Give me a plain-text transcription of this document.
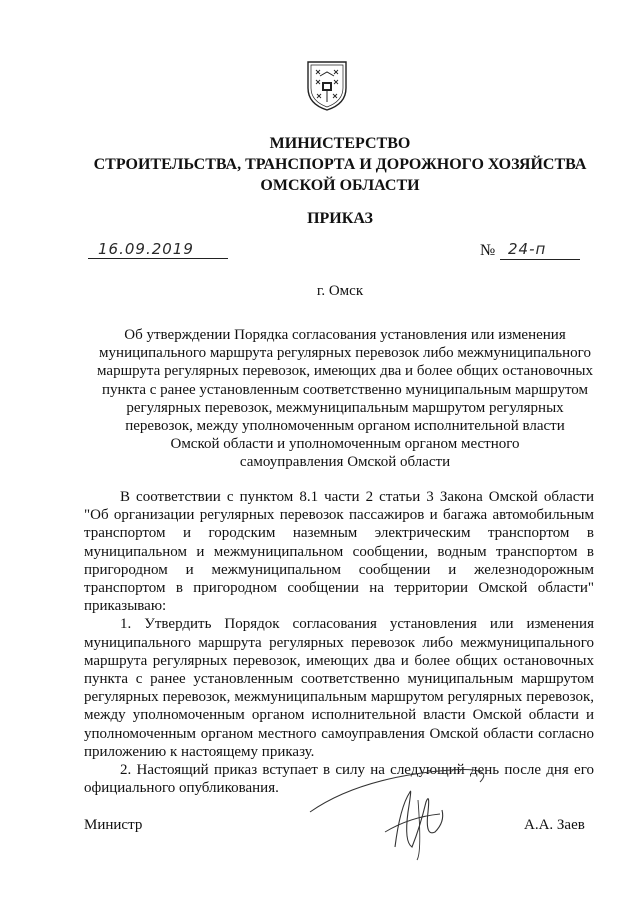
МИНИСТЕРСТВО
СТРОИТЕЛЬСТВА, ТРАНСПОРТА И ДОРОЖНОГО ХОЗЯЙСТВА
ОМСКОЙ ОБЛАСТИ
ПРИКАЗ
16.09.2019	№ 24-п
г. Омск
Об утверждении Порядка согласования установления или изменения
муниципального маршрута регулярных перевозок либо межмуниципального
маршрута регулярных перевозок, имеющих два и более общих остановочных
пункта с ранее установленным соответственно муниципальным маршрутом
регулярных перевозок, межмуниципальным маршрутом регулярных
перевозок, между уполномоченным органом исполнительной власти
Омской области и уполномоченным органом местного
самоуправления Омской области

В соответствии с пунктом 8.1 части 2 статьи 3 Закона Омской области "Об организации регулярных перевозок пассажиров и багажа автомобильным транспортом и городским наземным электрическим транспортом в муниципальном и межмуниципальном сообщении, водным транспортом в пригородном и межмуниципальном сообщении и железнодорожным транспортом в пригородном сообщении на территории Омской области" приказываю:

1. Утвердить Порядок согласования установления или изменения муниципального маршрута регулярных перевозок либо межмуниципального маршрута регулярных перевозок, имеющих два и более общих остановочных пункта с ранее установленным соответственно муниципальным маршрутом регулярных перевозок, межмуниципальным маршрутом регулярных перевозок, между уполномоченным органом исполнительной власти Омской области и уполномоченным органом местного самоуправления Омской области согласно приложению к настоящему приказу.

2. Настоящий приказ вступает в силу на следующий день после дня его официального опубликования.

Министр	А.А. Заев
